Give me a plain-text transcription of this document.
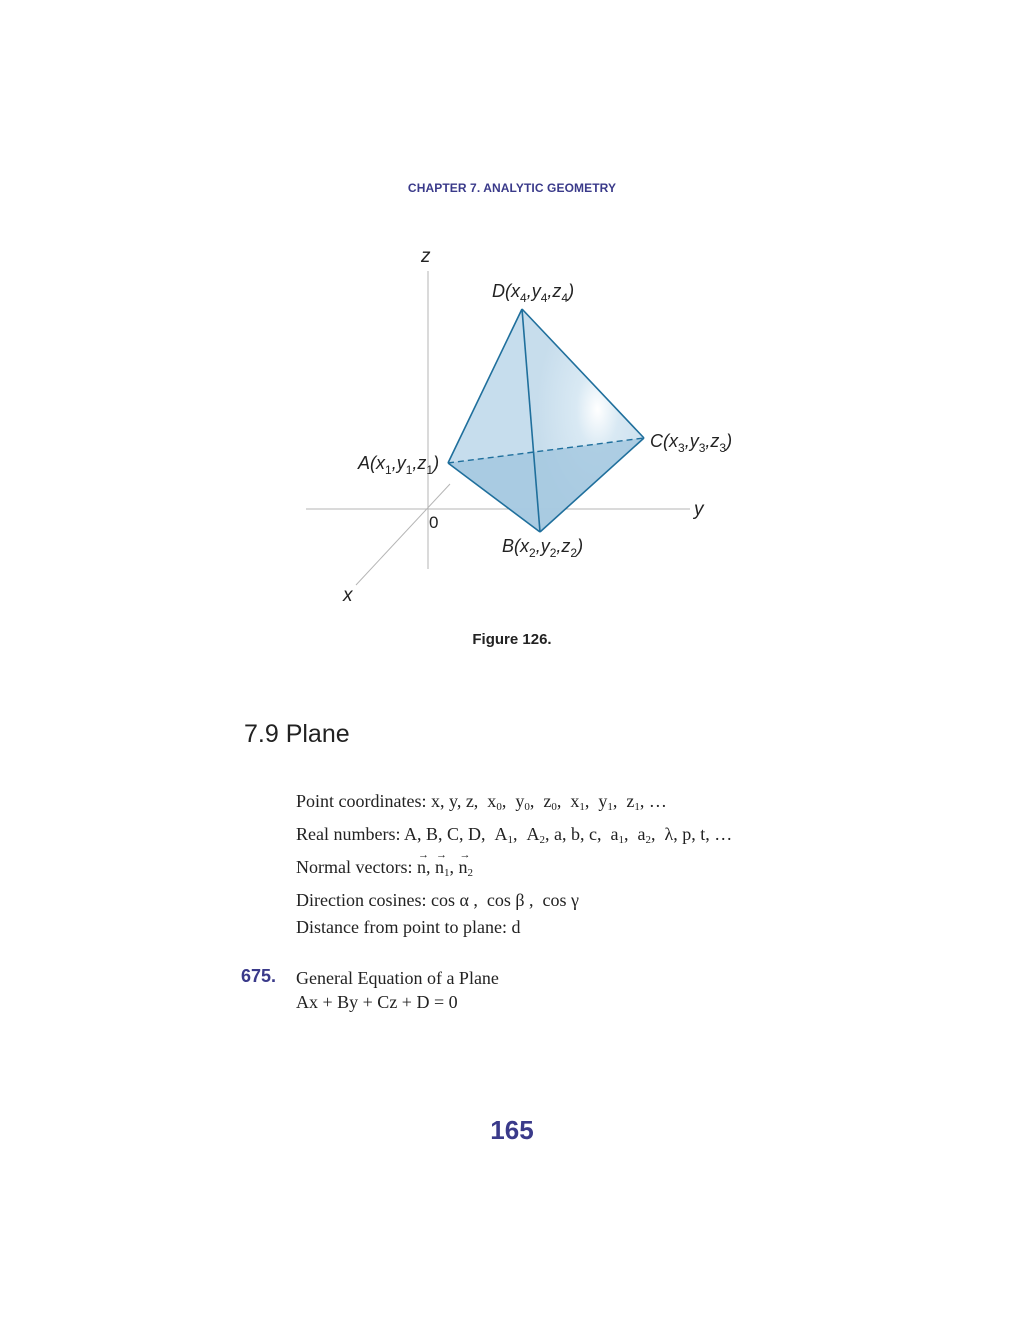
CHAPTER 7. ANALYTIC GEOMETRY
z
y
x
0
$D(x_4,y_4,z_4)$
$C(x_3,y_3,z_3)$
$A(x_1,y_1,z_1)$
$B(x_2,y_2,z_2)$
Figure 126.
7.9 Plane
Point coordinates: x, y, z,  $x_0$,  $y_0$,  $z_0$,  $x_1$,  $y_1$,  $z_1$, …
Real numbers: A, B, C, D,  $A_1$,  $A_2$, a, b, c,  $a_1$,  $a_2$,  λ, p, t, …
Normal vectors: → n, → $n_1$, → $n_2$
Direction cosines: cos α ,  cos β ,  cos γ
Distance from point to plane: d
675. General Equation of a Plane
Ax + By + Cz + D = 0
165
